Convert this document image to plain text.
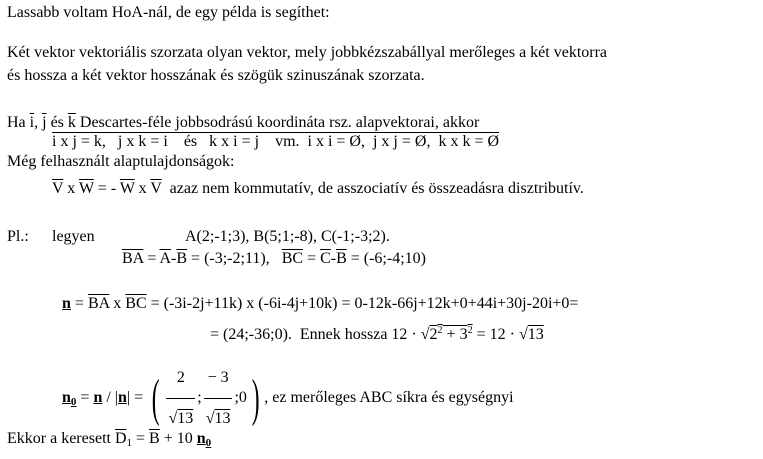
Lassabb voltam HoA-nál, de egy példa is segíthet:
Két vektor vektoriális szorzata olyan vektor, mely jobbkézszabállyal merőleges a két vektorra
és hossza a két vektor hosszának és szögük szinuszának szorzata.
Ha $\overline{i}$, $\overline{j}$ és $\overline{k}$ Descartes-féle jobbsodrású koordináta rsz. alapvektorai, akkor
i x j = k,   j x k = i    és   k x i = j    vm.  i x i = Ø,  j x j = Ø,  k x k = Ø
Még felhasznált alaptulajdonságok:
$\overline{V}$ x $\overline{W}$ = - $\overline{W}$ x $\overline{V}$  azaz nem kommutatív, de asszociatív és összeadásra disztributív.
Pl.: legyen	A(2;-1;3), B(5;1;-8), C(-1;-3;2).
$\overline{BA} = \overline{A}-\overline{B}$ = (-3;-2;11),   $\overline{BC} = \overline{C}-\overline{B}$ = (-6;-4;10)
$n = \overline{BA}$ x $\overline{BC} = (-3i-2j+11k)$ x (-6i-4j+10k) = 0-12k-66j+12k+0+44i+30j-20i+0=
= (24;-36;0).  Ennek hossza $12 \cdot √2^2 + 3^2 = 12 \cdot √13$
$n_0 = n / |n|$ = ( $\frac{2}{√13}$ ; $\frac{- 3}{√13}$ ;0) , ez merőleges ABC síkra és egységnyi
Ekkor a keresett $\overline{D}_1 = \overline{B} + 10$ $n_0$
